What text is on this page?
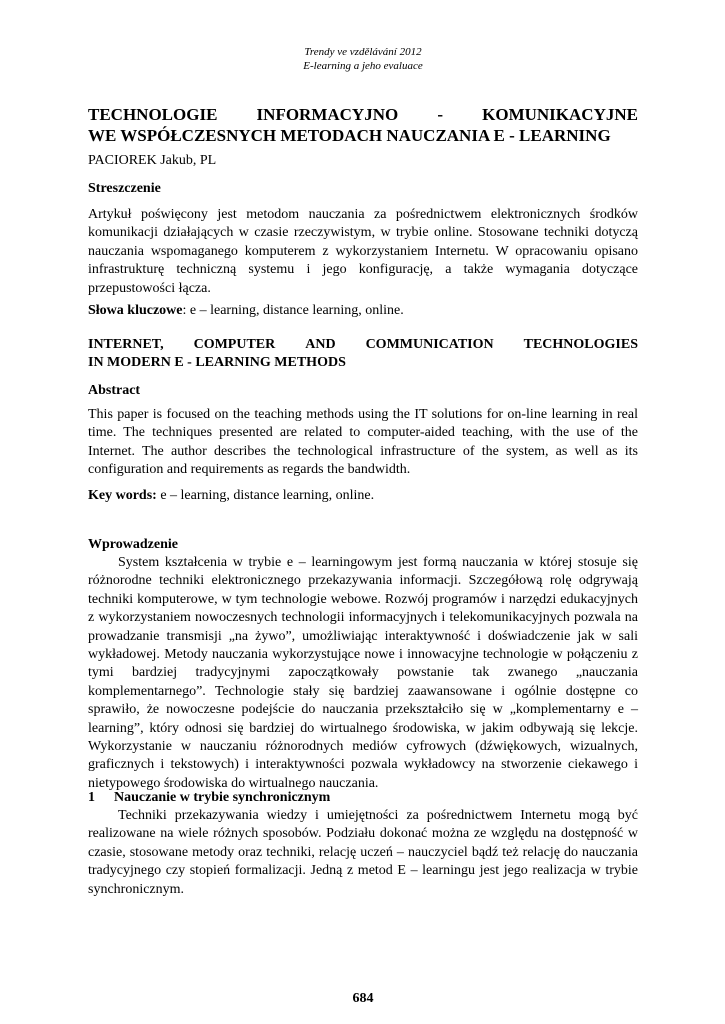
Trendy ve vzdělávání 2012
E-learning a jeho evaluace
TECHNOLOGIE INFORMACYJNO - KOMUNIKACYJNE
WE WSPÓŁCZESNYCH METODACH NAUCZANIA E - LEARNING
PACIOREK Jakub, PL
Streszczenie
Artykuł poświęcony jest metodom nauczania za pośrednictwem elektronicznych środków komunikacji działających w czasie rzeczywistym, w trybie online. Stosowane techniki dotyczą nauczania wspomaganego komputerem z wykorzystaniem Internetu. W opracowaniu opisano infrastrukturę techniczną systemu i jego konfigurację, a także wymagania dotyczące przepustowości łącza.
Słowa kluczowe: e – learning, distance learning, online.
INTERNET, COMPUTER AND COMMUNICATION TECHNOLOGIES
IN MODERN E - LEARNING METHODS
Abstract
This paper is focused on the teaching methods using the IT solutions for on-line learning in real time. The techniques presented are related to computer-aided teaching, with the use of the Internet. The author describes the technological infrastructure of the system, as well as its configuration and requirements as regards the bandwidth.
Key words: e – learning, distance learning, online.
Wprowadzenie
System kształcenia w trybie e – learningowym jest formą nauczania w której stosuje się różnorodne techniki elektronicznego przekazywania informacji. Szczegółową rolę odgrywają techniki komputerowe, w tym technologie webowe. Rozwój programów i narzędzi edukacyjnych z wykorzystaniem nowoczesnych technologii informacyjnych i telekomunikacyjnych pozwala na prowadzanie transmisji „na żywo”, umożliwiając interaktywność i doświadczenie jak w sali wykładowej. Metody nauczania wykorzystujące nowe i innowacyjne technologie w połączeniu z tymi bardziej tradycyjnymi zapoczątkowały powstanie tak zwanego „nauczania komplementarnego”. Technologie stały się bardziej zaawansowane i ogólnie dostępne co sprawiło, że nowoczesne podejście do nauczania przekształciło się w „komplementarny e – learning”, który odnosi się bardziej do wirtualnego środowiska, w jakim odbywają się lekcje. Wykorzystanie w nauczaniu różnorodnych mediów cyfrowych (dźwiękowych, wizualnych, graficznych i tekstowych) i interaktywności pozwala wykładowcy na stworzenie ciekawego i nietypowego środowiska do wirtualnego nauczania.
1 Nauczanie w trybie synchronicznym
Techniki przekazywania wiedzy i umiejętności za pośrednictwem Internetu mogą być realizowane na wiele różnych sposobów. Podziału dokonać można ze względu na dostępność w czasie, stosowane metody oraz techniki, relację uczeń – nauczyciel bądź też relację do nauczania tradycyjnego czy stopień formalizacji. Jedną z metod E – learningu jest jego realizacja w trybie synchronicznym.
684
